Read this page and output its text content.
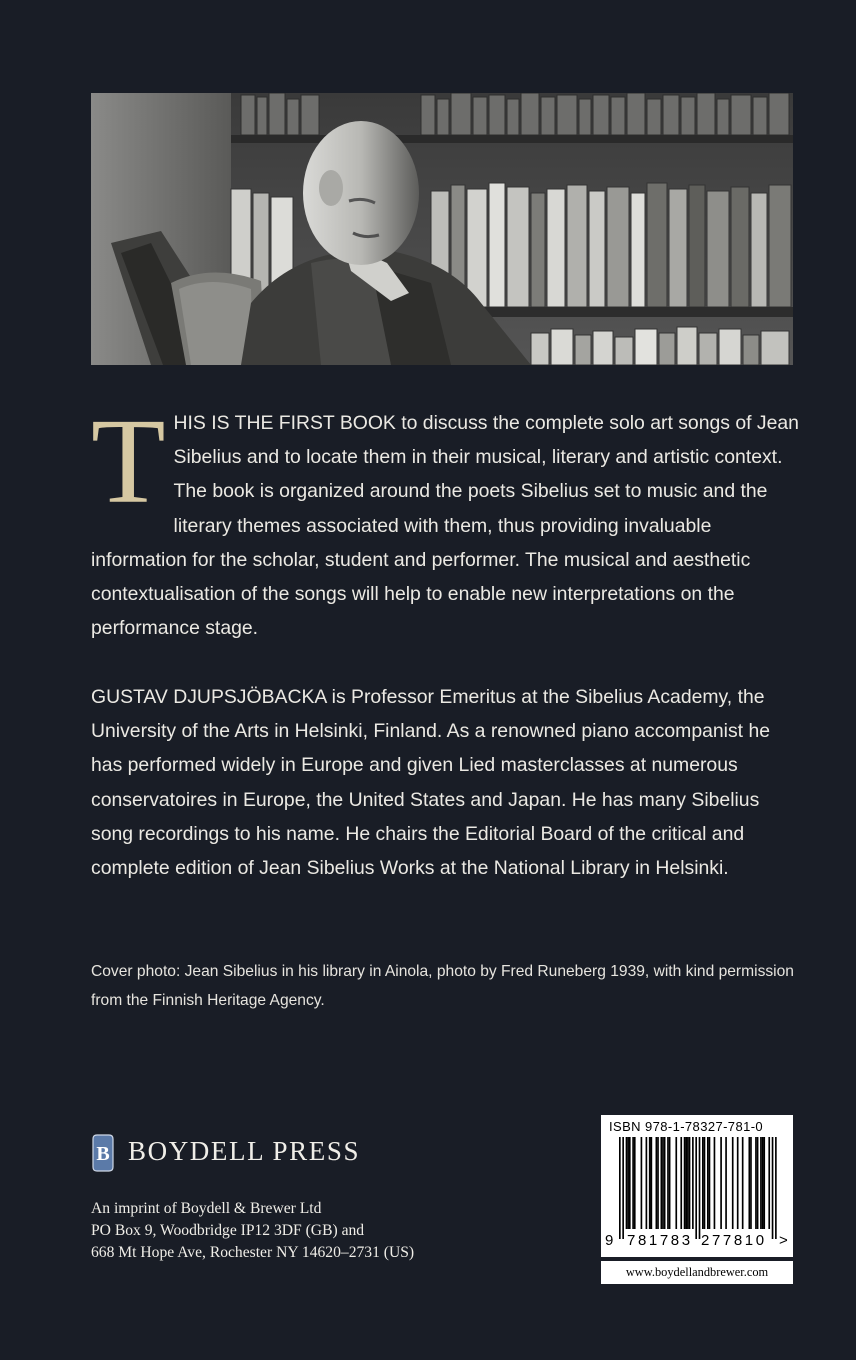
T HIS IS THE FIRST BOOK to discuss the complete solo art songs of Jean Sibelius and to locate them in their musical, literary and artistic context. The book is organized around the poets Sibelius set to music and the literary themes associated with them, thus providing invaluable information for the scholar, student and performer. The musical and aesthetic contextualisation of the songs will help to enable new interpretations on the performance stage.

GUSTAV DJUPSJÖBACKA is Professor Emeritus at the Sibelius Academy, the University of the Arts in Helsinki, Finland. As a renowned piano accompanist he has performed widely in Europe and given Lied masterclasses at numerous conservatoires in Europe, the United States and Japan. He has many Sibelius song recordings to his name. He chairs the Editorial Board of the critical and complete edition of Jean Sibelius Works at the National Library in Helsinki.

Cover photo: Jean Sibelius in his library in Ainola, photo by Fred Runeberg 1939, with kind permission from the Finnish Heritage Agency.

B BOYDELL PRESS
An imprint of Boydell & Brewer Ltd
PO Box 9, Woodbridge IP12 3DF (GB) and
668 Mt Hope Ave, Rochester NY 14620–2731 (US)
ISBN 978-1-78327-781-0
9 781783 277810 >
www.boydellandbrewer.com
